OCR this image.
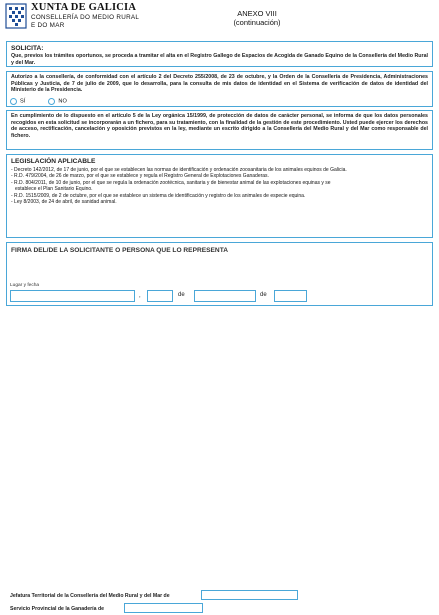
XUNTA DE GALICIA
CONSELLERÍA DO MEDIO RURAL
E DO MAR
ANEXO VIII
(continuación)
SOLICITA:
Que, previos los trámites oportunos, se proceda a tramitar el alta en el Registro Gallego de Espacios de Acogida de Ganado Equino de la Consellería del Medio Rural y del Mar.
Autorizo a la consellería, de conformidad con el artículo 2 del Decreto 255/2008, de 23 de octubre, y la Orden de la Consellería de Presidencia, Administraciones Públicas y Justicia, de 7 de julio de 2009, que lo desarrolla, para la consulta de mis datos de identidad en el Sistema de verificación de datos de identidad del Ministerio de la Presidencia.
SÍ	NO
En cumplimiento de lo dispuesto en el artículo 5 de la Ley orgánica 15/1999, de protección de datos de carácter personal, se informa de que los datos personales recogidos en esta solicitud se incorporarán a un fichero, para su tratamiento, con la finalidad de la gestión de este procedimiento. Usted puede ejercer los derechos de acceso, rectificación, cancelación y oposición previstos en la ley, mediante un escrito dirigido a la Consellería del Medio Rural y del Mar como responsable del fichero.
LEGISLACIÓN APLICABLE
- Decreto 142/2012, de 17 de junio, por el que se establecen las normas de identificación y ordenación zoosanitaria de los animales equinos de Galicia.
- R.D. 479/2004, de 26 de marzo, por el que se establece y regula el Registro General de Explotaciones Ganaderas.
- R.D. 804/2011, de 10 de junio, por el que se regula la ordenación zootécnica, sanitaria y de bienestar animal de las explotaciones equinas y se
establece el Plan Sanitario Equino.
- R.D. 1515/2009, de 2 de octubre, por el que se establece un sistema de identificación y registro de los animales de especie equina.
- Ley 8/2003, de 24 de abril, de sanidad animal.
FIRMA DEL/DE LA SOLICITANTE O PERSONA QUE LO REPRESENTA
Lugar y fecha
,	de	de
Jefatura Territorial de la Consellería del Medio Rural y del Mar de
Servicio Provincial de la Ganadería de
